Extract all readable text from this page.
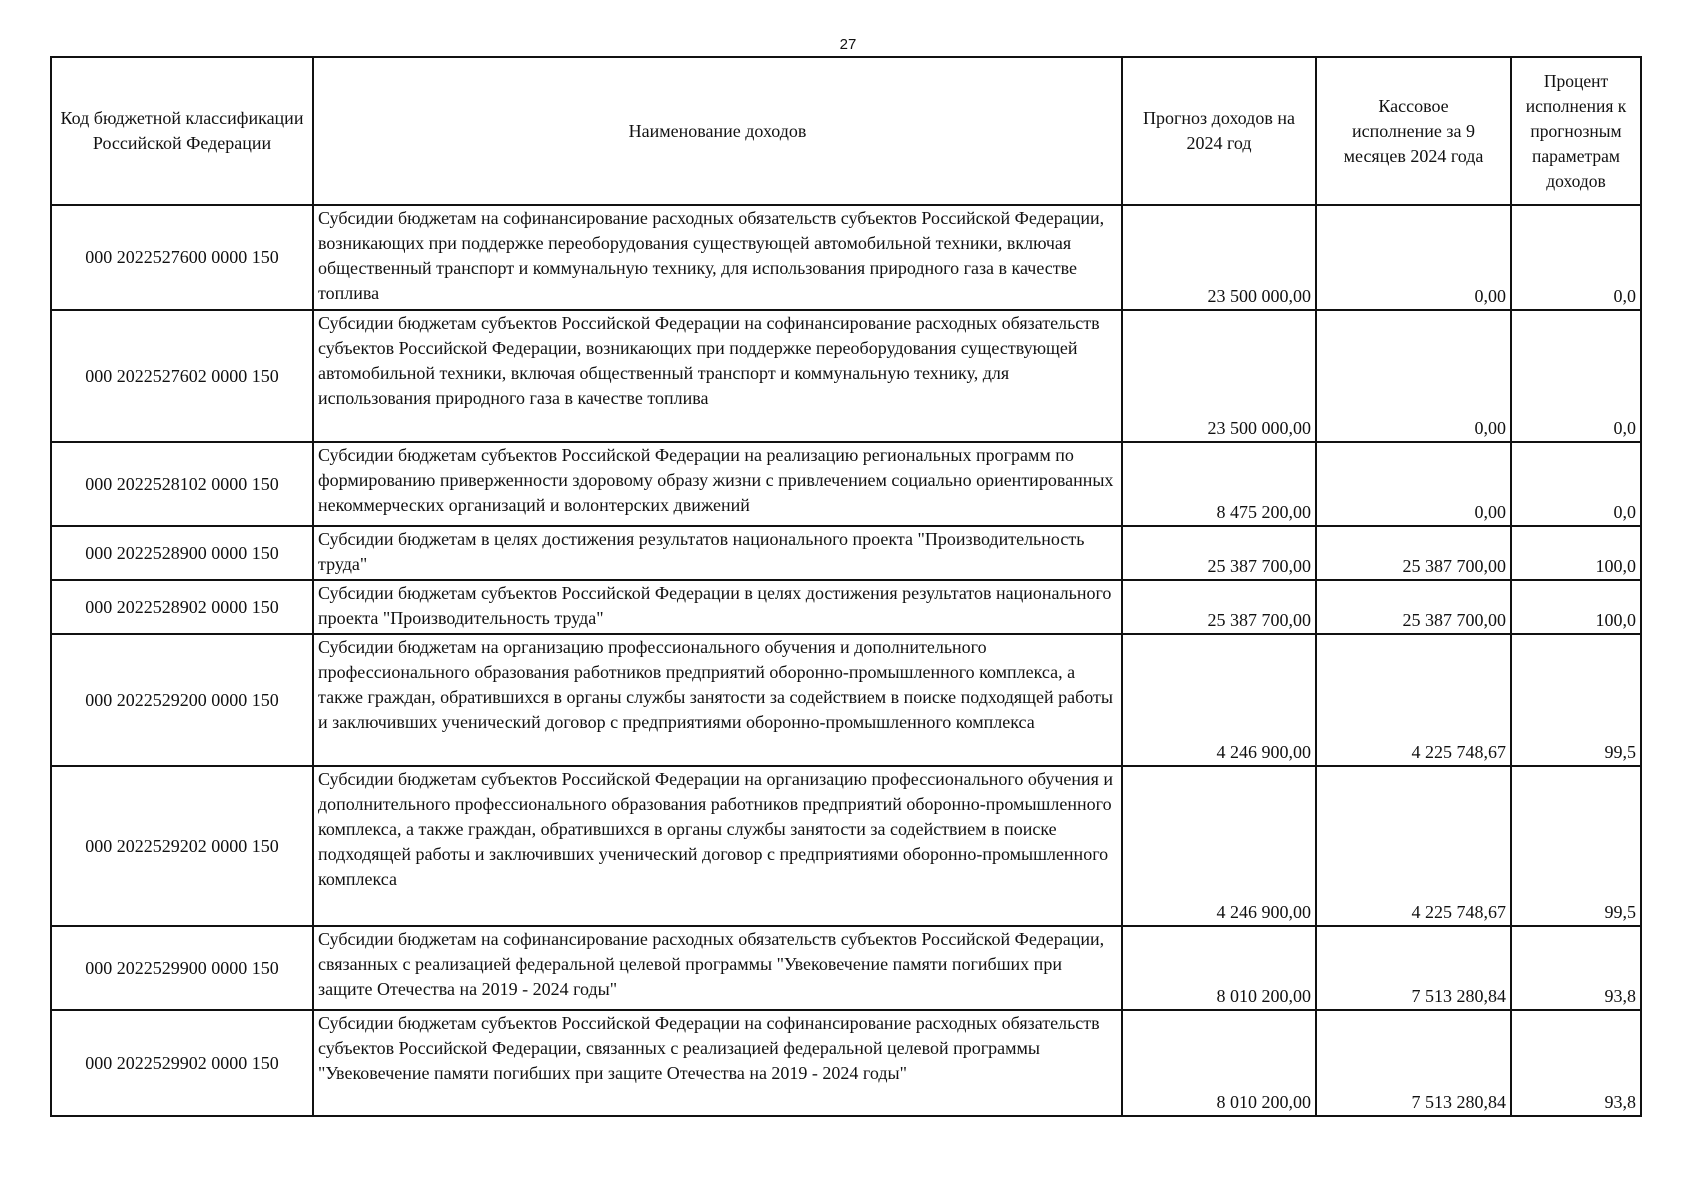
27
Код бюджетной классификации Российской Федерации	Наименование доходов	Прогноз доходов на 2024 год	Кассовое исполнение за 9 месяцев 2024 года	Процент исполнения к прогнозным параметрам доходов
000 2022527600 0000 150	Субсидии бюджетам на софинансирование расходных обязательств субъектов Российской Федерации, возникающих при поддержке переоборудования существующей автомобильной техники, включая общественный транспорт и коммунальную технику, для использования природного газа в качестве топлива	23 500 000,00	0,00	0,0
000 2022527602 0000 150	Субсидии бюджетам субъектов Российской Федерации на софинансирование расходных обязательств субъектов Российской Федерации, возникающих при поддержке переоборудования существующей автомобильной техники, включая общественный транспорт и коммунальную технику, для использования природного газа в качестве топлива	23 500 000,00	0,00	0,0
000 2022528102 0000 150	Субсидии бюджетам субъектов Российской Федерации на реализацию региональных программ по формированию приверженности здоровому образу жизни с привлечением социально ориентированных некоммерческих организаций и волонтерских движений	8 475 200,00	0,00	0,0
000 2022528900 0000 150	Субсидии бюджетам в целях достижения результатов национального проекта "Производительность труда"	25 387 700,00	25 387 700,00	100,0
000 2022528902 0000 150	Субсидии бюджетам субъектов Российской Федерации в целях достижения результатов национального проекта "Производительность труда"	25 387 700,00	25 387 700,00	100,0
000 2022529200 0000 150	Субсидии бюджетам на организацию профессионального обучения и дополнительного профессионального образования работников предприятий оборонно-промышленного комплекса, а также граждан, обратившихся в органы службы занятости за содействием в поиске подходящей работы и заключивших ученический договор с предприятиями оборонно-промышленного комплекса	4 246 900,00	4 225 748,67	99,5
000 2022529202 0000 150	Субсидии бюджетам субъектов Российской Федерации на организацию профессионального обучения и дополнительного профессионального образования работников предприятий оборонно-промышленного комплекса, а также граждан, обратившихся в органы службы занятости за содействием в поиске подходящей работы и заключивших ученический договор с предприятиями оборонно-промышленного комплекса	4 246 900,00	4 225 748,67	99,5
000 2022529900 0000 150	Субсидии бюджетам на софинансирование расходных обязательств субъектов Российской Федерации, связанных с реализацией федеральной целевой программы "Увековечение памяти погибших при защите Отечества на 2019 - 2024 годы"	8 010 200,00	7 513 280,84	93,8
000 2022529902 0000 150	Субсидии бюджетам субъектов Российской Федерации на софинансирование расходных обязательств субъектов Российской Федерации, связанных с реализацией федеральной целевой программы "Увековечение памяти погибших при защите Отечества на 2019 - 2024 годы"	8 010 200,00	7 513 280,84	93,8
